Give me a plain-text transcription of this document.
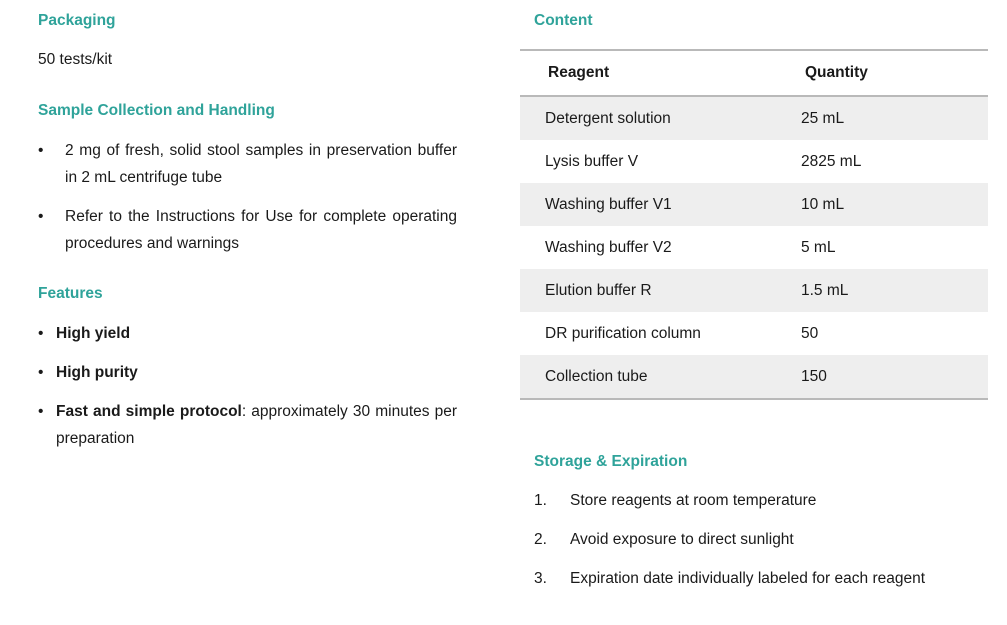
Packaging

50 tests/kit

Sample Collection and Handling
•	2 mg of fresh, solid stool samples in preservation buffer in 2 mL centrifuge tube
•	Refer to the Instructions for Use for complete operating procedures and warnings
Features
• High yield
• High purity
• Fast and simple protocol: approximately 30 minutes per preparation
Content
Reagent	Quantity
Detergent solution	25 mL
Lysis buffer V	2825 mL
Washing buffer V1	10 mL
Washing buffer V2	5 mL
Elution buffer R	1.5 mL
DR purification column	50
Collection tube	150
Storage & Expiration
1.	Store reagents at room temperature
2.	Avoid exposure to direct sunlight
3.	Expiration date individually labeled for each reagent
